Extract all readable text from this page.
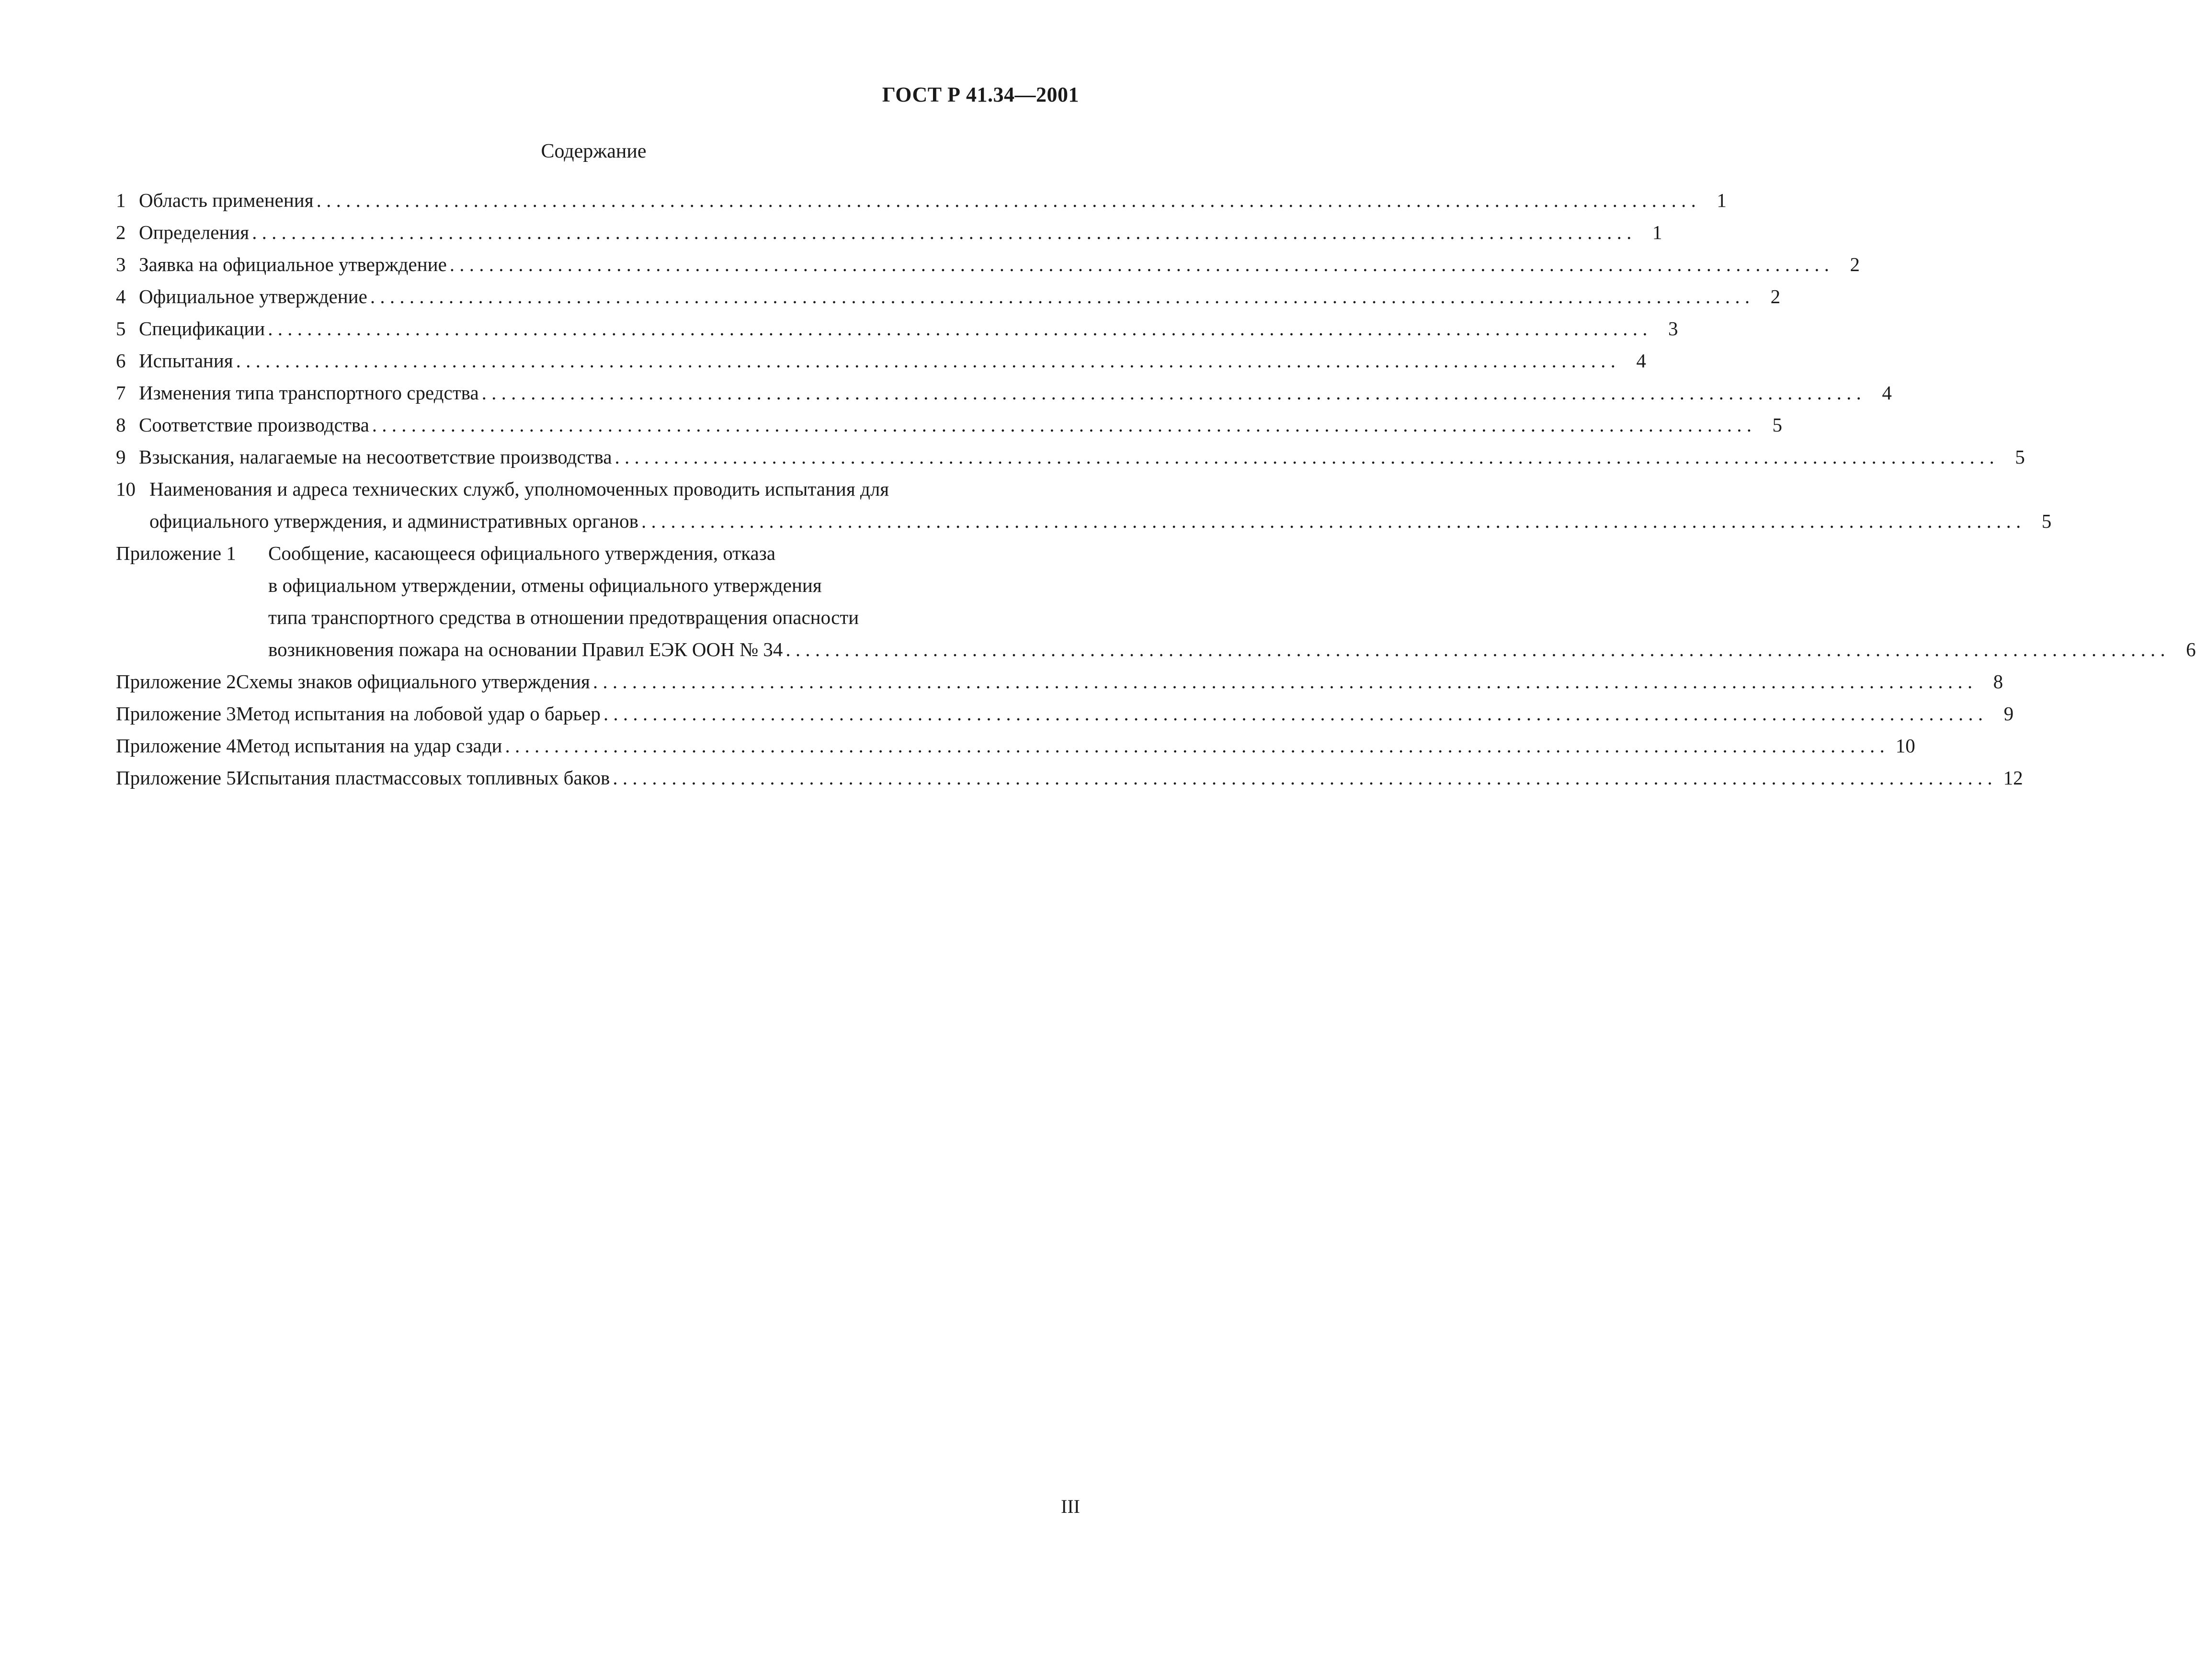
ГОСТ Р 41.34—2001
Содержание
1 Область применения . . .	1
2 Определения . . .	1
3 Заявка на официальное утверждение . . .	2
4 Официальное утверждение . . .	2
5 Спецификации . . .	3
6 Испытания . . .	4
7 Изменения типа транспортного средства . . .	4
8 Соответствие производства . . .	5
9 Взыскания, налагаемые на несоответствие производства . . .	5
10 Наименования и адреса технических служб, уполномоченных проводить испытания для
официального утверждения, и административных органов . . .	5
Приложение 1	Сообщение, касающееся официального утверждения, отказа
в официальном утверждении, отмены официального утверждения
типа транспортного средства в отношении предотвращения опасности
возникновения пожара на основании Правил ЕЭК ООН № 34 . . .	6
Приложение 2 Схемы знаков официального утверждения . . .	8
Приложение 3 Метод испытания на лобовой удар о барьер . . .	9
Приложение 4 Метод испытания на удар сзади . . .	10
Приложение 5 Испытания пластмассовых топливных баков . . .	12
III
